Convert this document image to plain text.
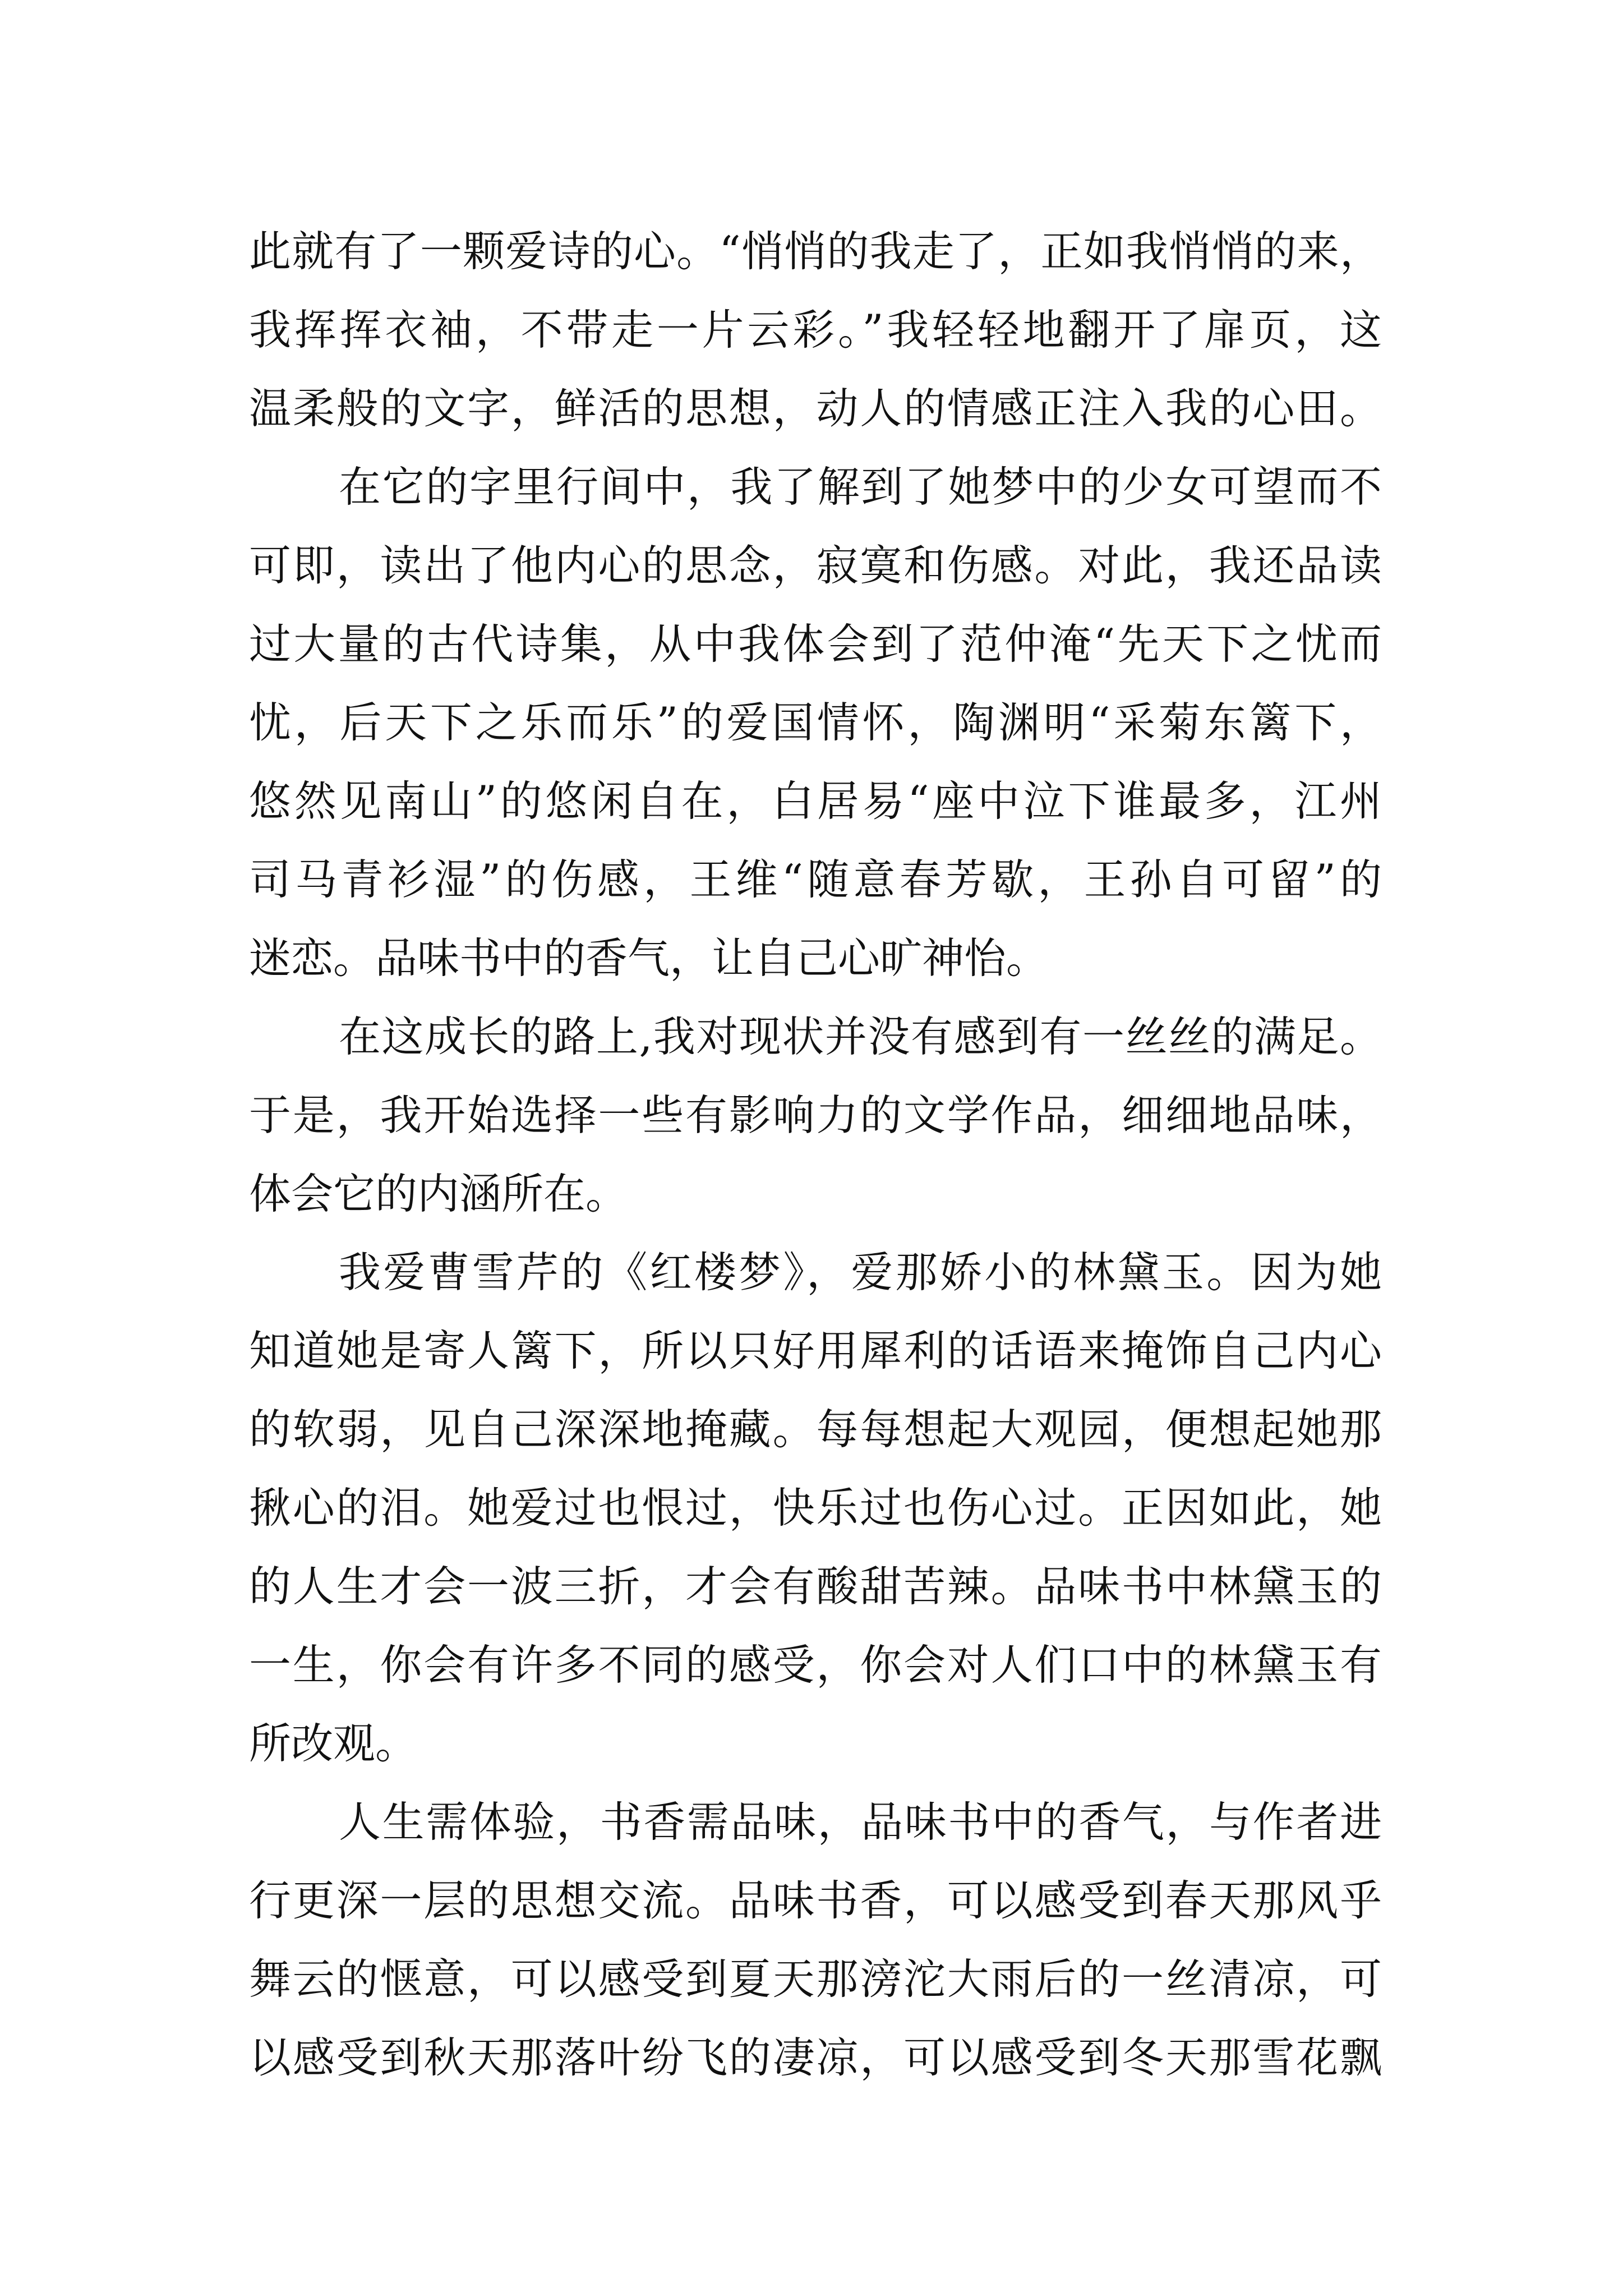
此就有了一颗爱诗的心。“悄悄的我走了，正如我悄悄的来，
我挥挥衣袖，不带走一片云彩。”我轻轻地翻开了扉页，这
温柔般的文字，鲜活的思想，动人的情感正注入我的心田。
在它的字里行间中，我了解到了她梦中的少女可望而不
可即，读出了他内心的思念，寂寞和伤感。对此，我还品读
过大量的古代诗集，从中我体会到了范仲淹“先天下之忧而
忧，后天下之乐而乐”的爱国情怀，陶渊明“采菊东篱下，
悠然见南山”的悠闲自在，白居易“座中泣下谁最多，江州
司马青衫湿”的伤感，王维“随意春芳歇，王孙自可留”的
迷恋。品味书中的香气，让自己心旷神怡。
在这成长的路上,我对现状并没有感到有一丝丝的满足。
于是，我开始选择一些有影响力的文学作品，细细地品味，
体会它的内涵所在。
我爱曹雪芹的《红楼梦》，爱那娇小的林黛玉。因为她
知道她是寄人篱下，所以只好用犀利的话语来掩饰自己内心
的软弱，见自己深深地掩藏。每每想起大观园，便想起她那
揪心的泪。她爱过也恨过，快乐过也伤心过。正因如此，她
的人生才会一波三折，才会有酸甜苦辣。品味书中林黛玉的
一生，你会有许多不同的感受，你会对人们口中的林黛玉有
所改观。
人生需体验，书香需品味，品味书中的香气，与作者进
行更深一层的思想交流。品味书香，可以感受到春天那风乎
舞云的惬意，可以感受到夏天那滂沱大雨后的一丝清凉，可
以感受到秋天那落叶纷飞的凄凉，可以感受到冬天那雪花飘
